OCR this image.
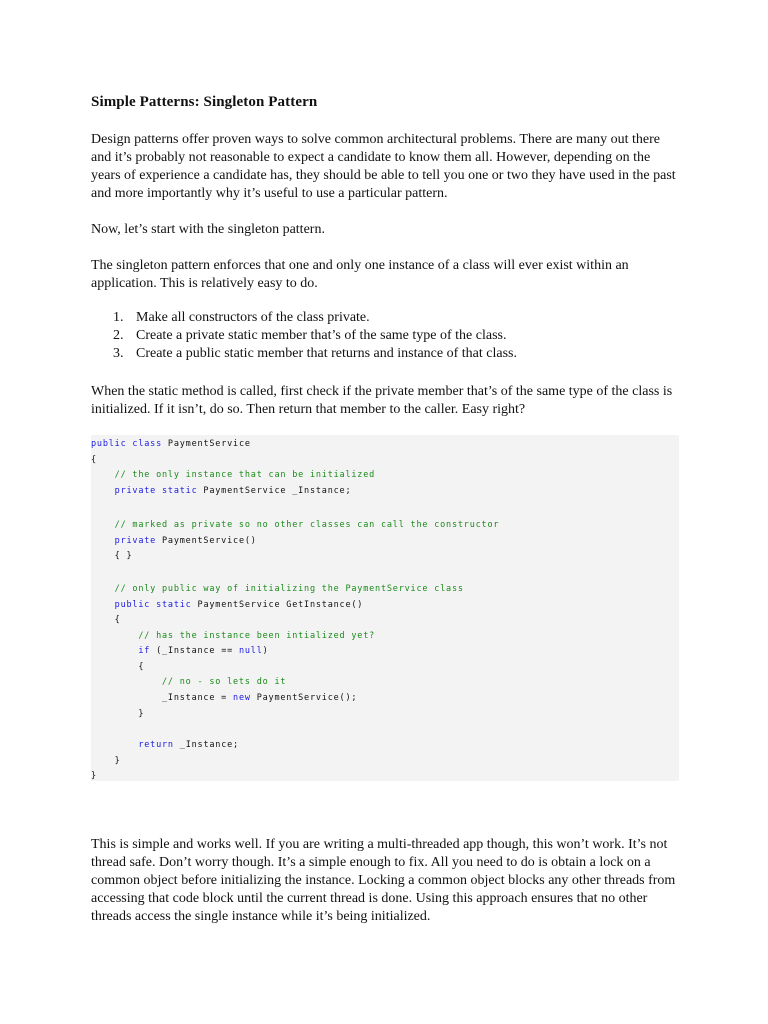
Simple Patterns: Singleton Pattern

Design patterns offer proven ways to solve common architectural problems. There are many out there and it’s probably not reasonable to expect a candidate to know them all. However, depending on the years of experience a candidate has, they should be able to tell you one or two they have used in the past and more importantly why it’s useful to use a particular pattern.

Now, let’s start with the singleton pattern.

The singleton pattern enforces that one and only one instance of a class will ever exist within an application. This is relatively easy to do.

1. Make all constructors of the class private.
2. Create a private static member that’s of the same type of the class.
3. Create a public static member that returns and instance of that class.

When the static method is called, first check if the private member that’s of the same type of the class is initialized. If it isn’t, do so. Then return that member to the caller. Easy right?

public class PaymentService
{
// the only instance that can be initialized
private static PaymentService _Instance;
// marked as private so no other classes can call the constructor
private PaymentService()
{ }
// only public way of initializing the PaymentService class
public static PaymentService GetInstance()
{
// has the instance been intialized yet?
if (_Instance == null)
{
// no - so lets do it
_Instance = new PaymentService();
}
return _Instance;
}
}

This is simple and works well. If you are writing a multi-threaded app though, this won’t work. It’s not thread safe. Don’t worry though. It’s a simple enough to fix. All you need to do is obtain a lock on a common object before initializing the instance. Locking a common object blocks any other threads from accessing that code block until the current thread is done. Using this approach ensures that no other threads access the single instance while it’s being initialized.
